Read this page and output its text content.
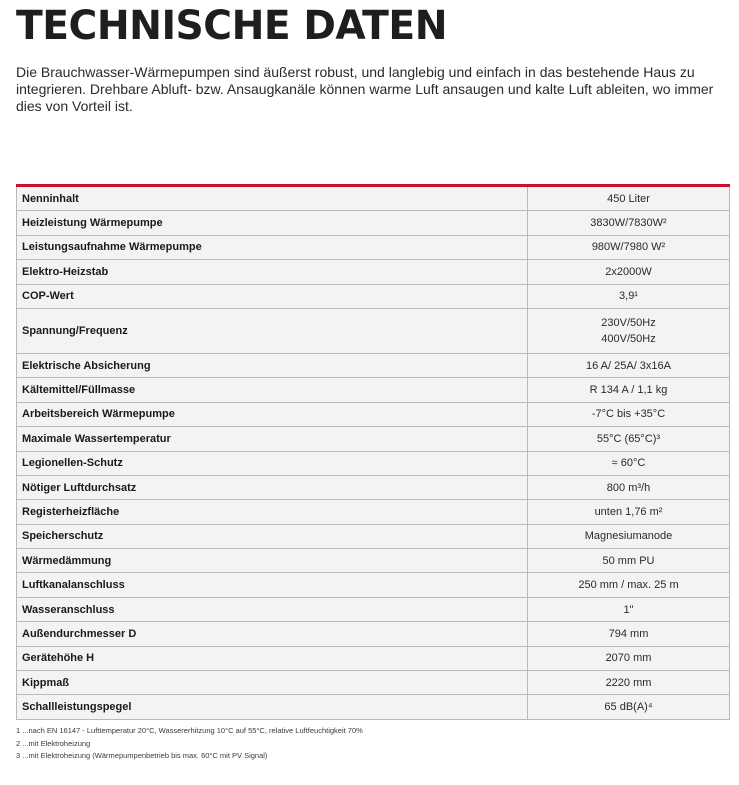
TECHNISCHE DATEN

Die Brauchwasser-Wärmepumpen sind äußerst robust, und langlebig und einfach in das bestehende Haus zu integrieren. Drehbare Abluft- bzw. Ansaugkanäle können warme Luft ansaugen und kalte Luft ableiten, wo immer dies von Vorteil ist.

Nenninhalt	450 Liter
Heizleistung Wärmepumpe	3830W/7830W²
Leistungsaufnahme Wärmepumpe	980W/7980 W²
Elektro-Heizstab	2x2000W
COP-Wert	3,9¹
Spannung/Frequenz	230V/50Hz
400V/50Hz

Elektrische Absicherung	16 A/ 25A/ 3x16A
Kältemittel/Füllmasse	R 134 A / 1,1 kg
Arbeitsbereich Wärmepumpe	-7°C bis +35°C
Maximale Wassertemperatur	55°C (65°C)³
Legionellen-Schutz	≈ 60°C
Nötiger Luftdurchsatz	800 m³/h
Registerheizfläche	unten 1,76 m²
Speicherschutz	Magnesiumanode
Wärmedämmung	50 mm PU
Luftkanalanschluss	250 mm / max. 25 m
Wasseranschluss	1"
Außendurchmesser D	794 mm
Gerätehöhe H	2070 mm
Kippmaß	2220 mm
Schallleistungspegel	65 dB(A)⁴
1 ...nach EN 16147 - Lufttemperatur 20°C, Wassererhitzung 10°C auf 55°C, relative Luftfeuchtigkeit 70%
2 ...mit Elektroheizung
3 ...mit Elektroheizung (Wärmepumpenbetrieb bis max. 60°C mit PV Signal)
